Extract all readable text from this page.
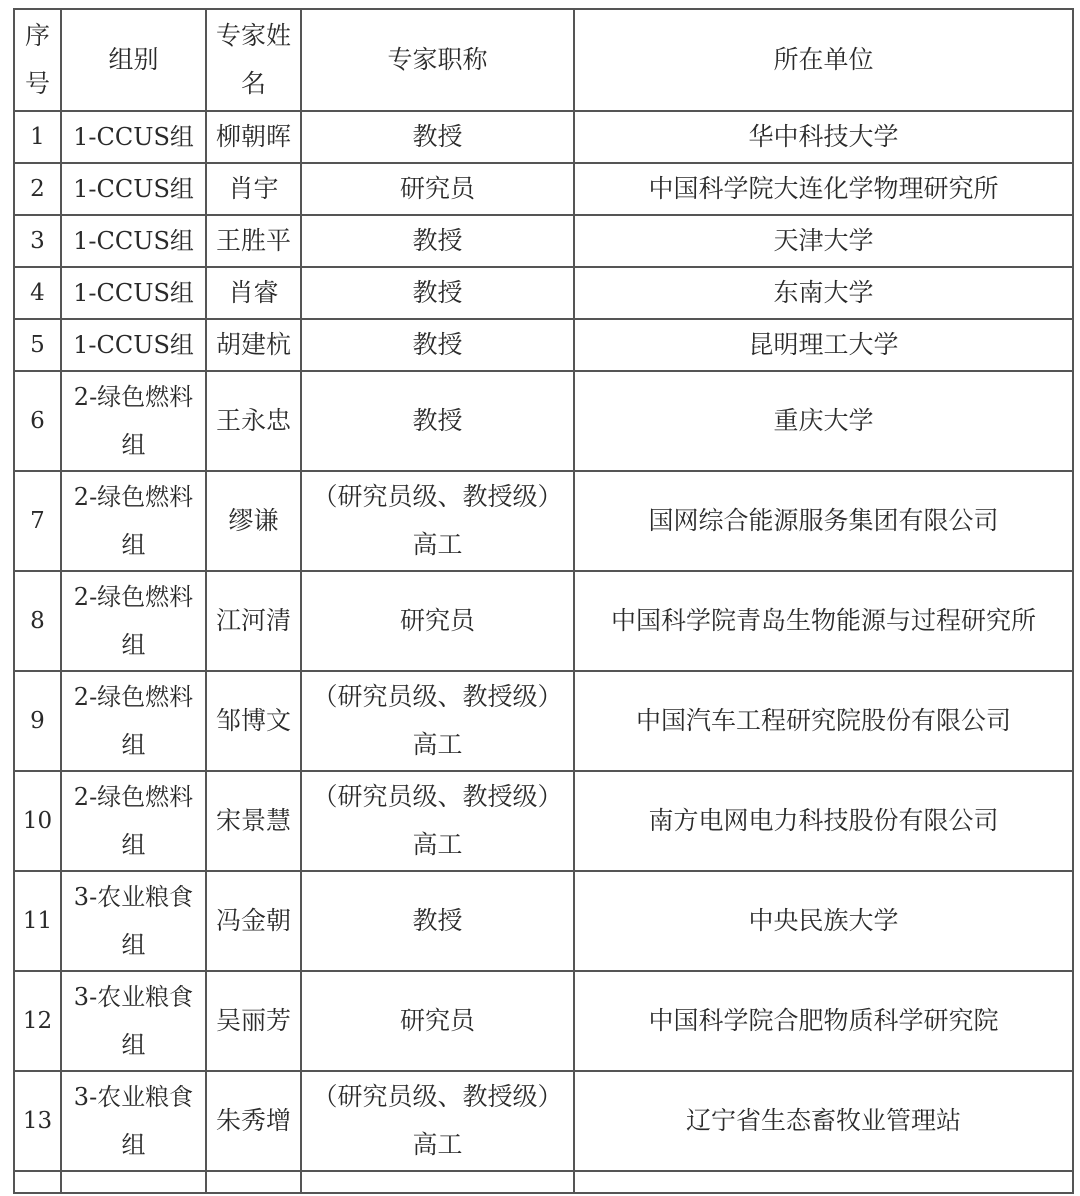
序号	组别	专家姓名	专家职称	所在单位
1	1-CCUS组	柳朝晖	教授	华中科技大学
2	1-CCUS组	肖宇	研究员	中国科学院大连化学物理研究所
3	1-CCUS组	王胜平	教授	天津大学
4	1-CCUS组	肖睿	教授	东南大学
5	1-CCUS组	胡建杭	教授	昆明理工大学
6	2-绿色燃料组	王永忠	教授	重庆大学
7	2-绿色燃料组	缪谦	（研究员级、教授级）高工	国网综合能源服务集团有限公司
8	2-绿色燃料组	江河清	研究员	中国科学院青岛生物能源与过程研究所
9	2-绿色燃料组	邹博文	（研究员级、教授级）高工	中国汽车工程研究院股份有限公司
10	2-绿色燃料组	宋景慧	（研究员级、教授级）高工	南方电网电力科技股份有限公司
11	3-农业粮食组	冯金朝	教授	中央民族大学
12	3-农业粮食组	吴丽芳	研究员	中国科学院合肥物质科学研究院
13	3-农业粮食组	朱秀增	（研究员级、教授级）高工	辽宁省生态畜牧业管理站
